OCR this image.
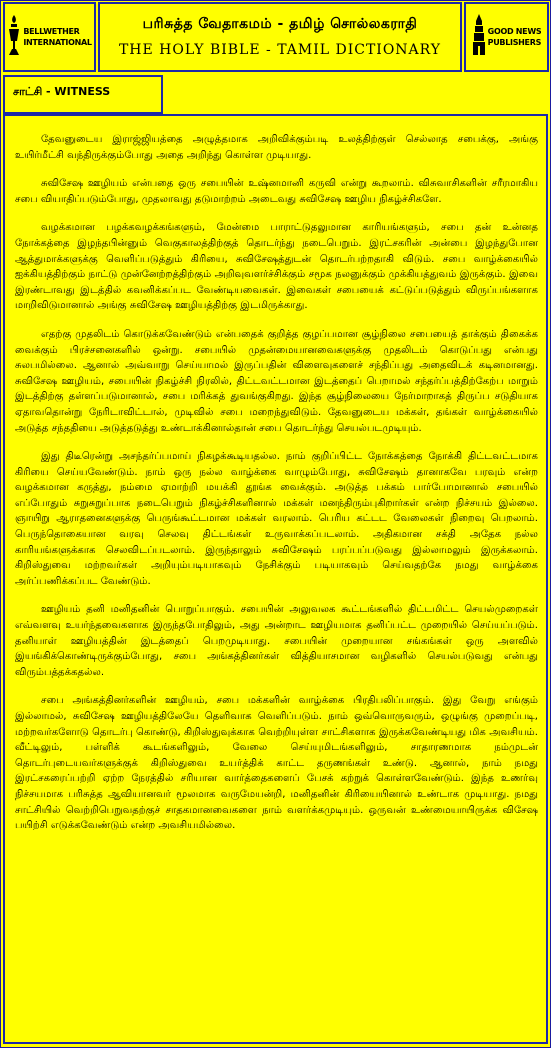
BELLWETHER
INTERNATIONAL
பரிசுத்த வேதாகமம் - தமிழ் சொல்லகராதி
THE HOLY BIBLE - TAMIL DICTIONARY
GOOD NEWS
PUBLISHERS
சாட்சி - WITNESS

தேவனுடைய இராஜ்ஜியத்தை அழுத்தமாக அறிவிக்கும்படி உலத்திற்குள் செல்லாத சபைக்கு, அங்கு உயிர்மீட்சி வந்திருக்கும்போது அதை அறிந்து கொள்ள முடியாது.

சுவிசேஷ ஊழியம் என்பதை ஒரு சபையின் உஷ்னமானி கருவி என்று கூறலாம். விசுவாசிகளின் சரீரமாகிய சபை வியாதிப்படும்போது, முதலாவது தடுமாற்றம் அடைவது சுவிசேஷ ஊழிய நிகழ்ச்சிகளே.

வழக்கமான பழக்கவழக்கங்களும், மேன்மை பாராட்டுதலுமான காரியங்களும், சபை தன் உன்னத நோக்கத்தை இழந்தபின்னும் வெகுகாலத்திற்குத் தொடர்ந்து நடைபெறும். இரட்சகரின் அன்பை இழந்துபோன ஆத்துமாக்களுக்கு வெளிப்படுத்தும் கிரியை, சுவிசேஷத்துடன் தொடர்பற்றதாகி விடும். சபை வாழ்க்கையில் ஐக்கியத்திற்கும் நாட்டு முன்னேற்றத்திற்கும் அறிவுவளர்ச்சிக்கும் சமூக நலனுக்கும் முக்கியத்துவம் இருக்கும். இவை இரண்டாவது இடத்தில் கவனிக்கப்பட வேண்டியவைகள். இவைகள் சபையைக் கட்டுப்படுத்தும் விருப்பங்களாக மாறிவிடுமானால் அங்கு சுவிசேஷ ஊழியத்திற்கு இடமிருக்காது.

எதற்கு முதலிடம் கொடுக்கவேண்டும் என்பதைக் குறித்த குழப்பமான சூழ்நிலை சபையைத் தாக்கும் திகைக்க வைக்கும் பிரச்சனைகளில் ஒன்று. சபையில் முதன்மையானவைகளுக்கு முதலிடம் கொடுப்பது என்பது சுலபமில்லை. ஆனால் அவ்வாறு செய்யாமல் இருப்பதின் விளைவுகளைச் சந்திப்பது அதைவிடக் கடினமானது. சுவிசேஷ ஊழியம், சபையின் நிகழ்ச்சி நிரலில், திட்டவட்டமான இடத்தைப் பெறாமல் சந்தர்ப்பத்திற்கேற்ப மாறும் இடத்திற்கு தள்ளப்படுமானால், சபை மரிக்கத் துவங்குகிறது. இந்த சூழ்நிலையை நேர்மாறாகத் திருப்ப சடுதியாக ஏதாவதொன்று நேரிடாவிட்டால், முடிவில் சபை மறைந்துவிடும். தேவனுடைய மக்கள், தங்கள் வாழ்க்கையில் அடுத்த சந்ததியை அடுத்தடுத்து உண்டாக்கினால்தான் சபை தொடர்ந்து செயல்படமுடியும்.

இது திடீரென்று அசந்தர்ப்பமாய் நிகழக்கூடியதல்ல. நாம் குறிப்பிட்ட நோக்கத்தை நோக்கி திட்டவட்டமாக கிரியை செய்யவேண்டும். நாம் ஒரு நல்ல வாழ்க்கை வாழும்போது, சுவிசேஷம் தானாகவே பரவும் என்ற வழக்கமான கருத்து, நம்மை ஏமாற்றி மயக்கி தூங்க வைக்கும். அடுத்த பக்கம் பார்போமானால் சபையில் எப்போதும் சுறுசுறுப்பாக நடைபெறும் நிகழ்ச்சிகளினால் மக்கள் மனந்திரும்புகிறார்கள் என்ற நிச்சயம் இல்லை. ஞாயிறு ஆராதனைகளுக்கு பெருங்கூட்டமான மக்கள் வரலாம். பெரிய கட்டட வேலைகள் நிறைவு பெறலாம். பெருந்தொகையான வரவு செலவு திட்டங்கள் உருவாக்கப்படலாம். அதிகமான சக்தி அதேக நல்ல காரியங்களுக்காக செலவிடப்படலாம். இருந்தாலும் சுவிசேஷம் பரப்பப்படுவது இல்லாமலும் இருக்கலாம். கிறிஸ்துவை மற்றவர்கள் அறியும்படியாகவும் நேசிக்கும் படியாகவும் செய்வதற்கே நமது வாழ்க்கை அர்ப்பணிக்கப்பட வேண்டும்.

ஊழியம் தனி மனிதனின் பொறுப்பாகும். சபையின் அலுவலக கூட்டங்களில் திட்டமிட்ட செயல்முறைகள் எவ்வளவு உயர்ந்தவைகளாக இருந்தபோதிலும், அது அன்றாட ஊழியமாக தனிப்பட்ட முறையில் செய்யப்படும். தனியாள் ஊழியத்தின் இடத்தைப் பெறமுடியாது. சபையின் முறையான சங்கங்கள் ஒரு அளவில் இயங்கிக்கொண்டிருக்கும்போது, சபை அங்கத்தினர்கள் வித்தியாசமான வழிகளில் செயல்படுவது என்பது விரும்பத்தக்கதல்ல.

சபை அங்கத்தினர்களின் ஊழியம், சபை மக்களின் வாழ்க்கை பிரதிபலிப்பாகும். இது வேறு எங்கும் இல்லாமல், சுவிசேஷ ஊழியத்திலேயே தெளிவாக வெளிப்படும். நாம் ஒவ்வொருவரும், ஒழுங்கு முறைப்படி, மற்றவர்களோடு தொடர்பு கொண்டு, கிறிஸ்துவுக்காக வெற்றியுள்ள சாட்சிகளாக இருக்கவேண்டியது மிக அவசியம். வீட்டிலும், பள்ளிக் கூடங்களிலும், வேலை செய்யுமிடங்களிலும், சாதாரணமாக நம்முடன் தொடர்புடையவர்களுக்குக் கிறிஸ்துவை உயர்த்திக் காட்ட தருணங்கள் உண்டு. ஆனால், நாம் நமது இரட்சகரைப்பற்றி ஏற்ற நேரத்தில் சரியான வார்த்தைகளைப் பேசக் கற்றுக் கொள்ளவேண்டும். இந்த உணர்வு நிச்சயமாக பரிசுத்த ஆவியானவர் மூலமாக வருமேயன்றி, மனிதனின் கிரியையினால் உண்டாக முடியாது. நமது சாட்சியில் வெற்றிபெறுவதற்குச் சாதகமானவைகளை நாம் வளர்க்கமுடியும். ஒருவன் உண்மையாயிருக்க விசேஷ பயிற்சி எடுக்கவேண்டும் என்ற அவசியமில்லை.
